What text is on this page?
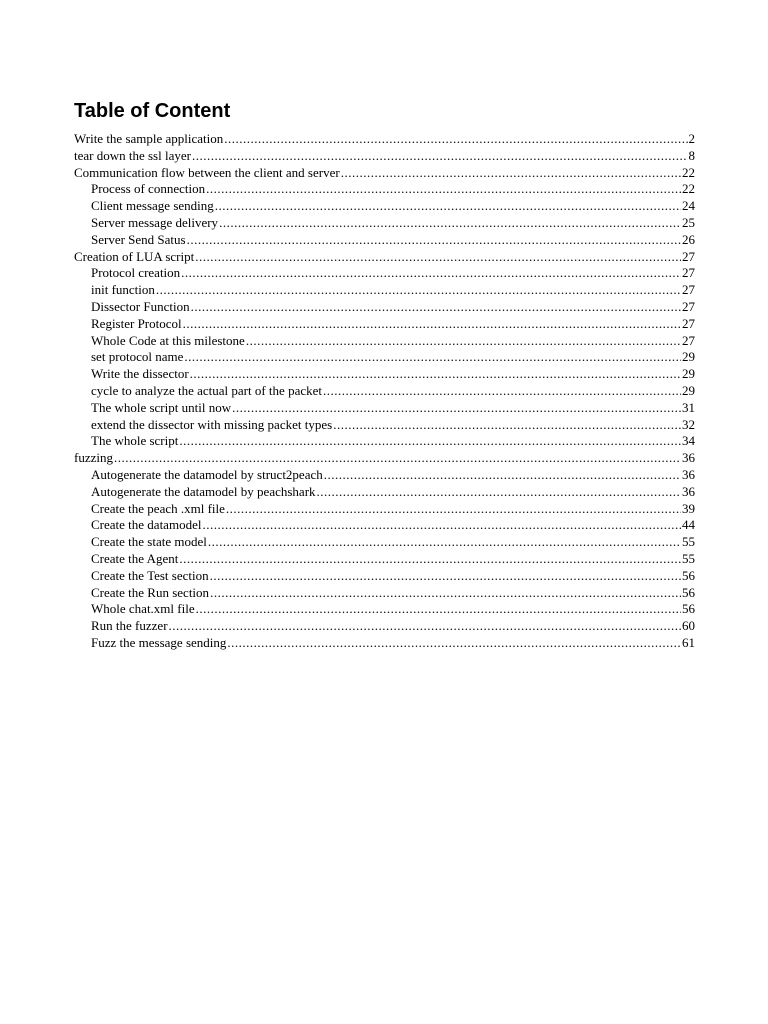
Table of Content
Write the sample application .....	2
tear down the ssl layer .....	8
Communication flow between the client and server .....	22
Process of connection .....	22
Client message sending .....	24
Server message delivery .....	25
Server Send Satus .....	26
Creation of LUA script .....	27
Protocol creation .....	27
init function .....	27
Dissector Function .....	27
Register Protocol .....	27
Whole Code at this milestone .....	27
set protocol name .....	29
Write the dissector .....	29
cycle to analyze the actual part of the packet .....	29
The whole script until now .....	31
extend the dissector with missing packet types .....	32
The whole script .....	34
fuzzing .....	36
Autogenerate the datamodel by struct2peach .....	36
Autogenerate the datamodel by peachshark .....	36
Create the peach .xml file .....	39
Create the datamodel .....	44
Create the state model .....	55
Create the Agent .....	55
Create the Test section .....	56
Create the Run section .....	56
Whole chat.xml file .....	56
Run the fuzzer .....	60
Fuzz the message sending .....	61
